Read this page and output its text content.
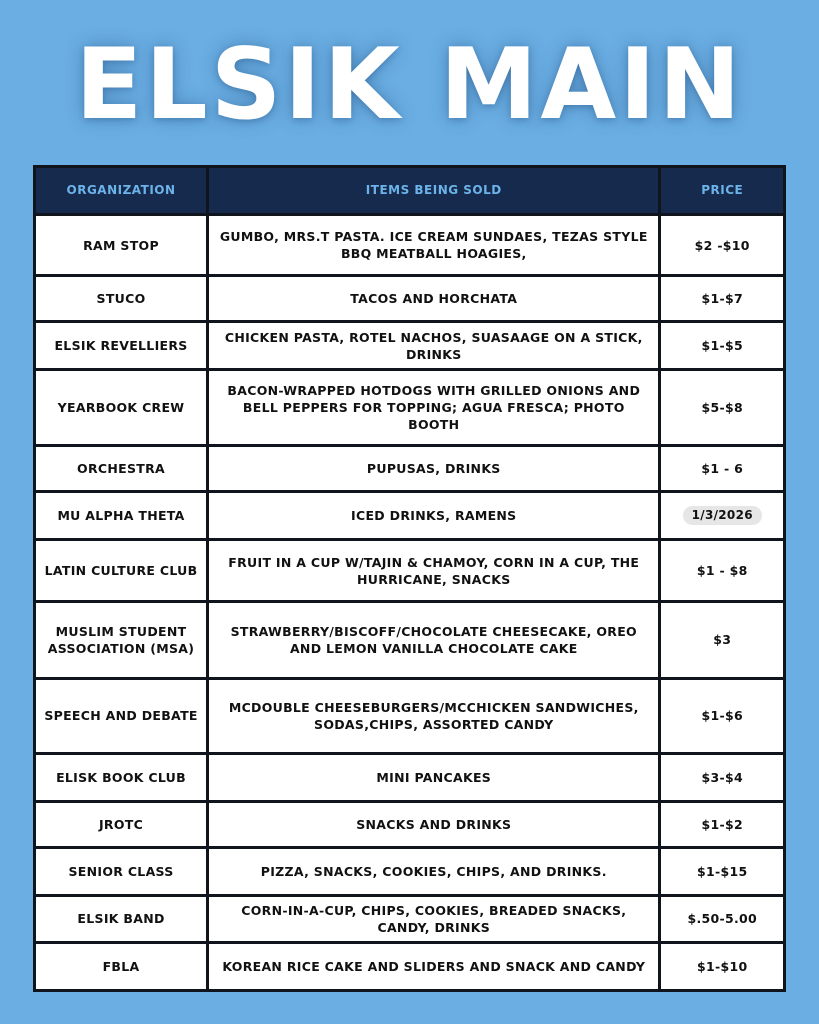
ELSIK MAIN
ORGANIZATION	ITEMS BEING SOLD	PRICE
RAM STOP	GUMBO, MRS.T PASTA. ICE CREAM SUNDAES, TEZAS STYLE BBQ MEATBALL HOAGIES,	$2 -$10
STUCO	TACOS AND HORCHATA	$1-$7
ELSIK REVELLIERS	CHICKEN PASTA, ROTEL NACHOS, SUASAAGE ON A STICK, DRINKS	$1-$5
YEARBOOK CREW	BACON-WRAPPED HOTDOGS WITH GRILLED ONIONS AND BELL PEPPERS FOR TOPPING; AGUA FRESCA; PHOTO BOOTH	$5-$8
ORCHESTRA	PUPUSAS, DRINKS	$1 - 6
MU ALPHA THETA	ICED DRINKS, RAMENS	1/3/2026
LATIN CULTURE CLUB	FRUIT IN A CUP W/TAJIN & CHAMOY, CORN IN A CUP, THE HURRICANE, SNACKS	$1 - $8
MUSLIM STUDENT ASSOCIATION (MSA)	STRAWBERRY/BISCOFF/CHOCOLATE CHEESECAKE, OREO AND LEMON VANILLA CHOCOLATE CAKE	$3
SPEECH AND DEBATE	MCDOUBLE CHEESEBURGERS/MCCHICKEN SANDWICHES, SODAS,CHIPS, ASSORTED CANDY	$1-$6
ELISK BOOK CLUB	MINI PANCAKES	$3-$4
JROTC	SNACKS AND DRINKS	$1-$2
SENIOR CLASS	PIZZA, SNACKS, COOKIES, CHIPS, AND DRINKS.	$1-$15
ELSIK BAND	CORN-IN-A-CUP, CHIPS, COOKIES, BREADED SNACKS, CANDY, DRINKS	$.50-5.00
FBLA	KOREAN RICE CAKE AND SLIDERS AND SNACK AND CANDY	$1-$10
